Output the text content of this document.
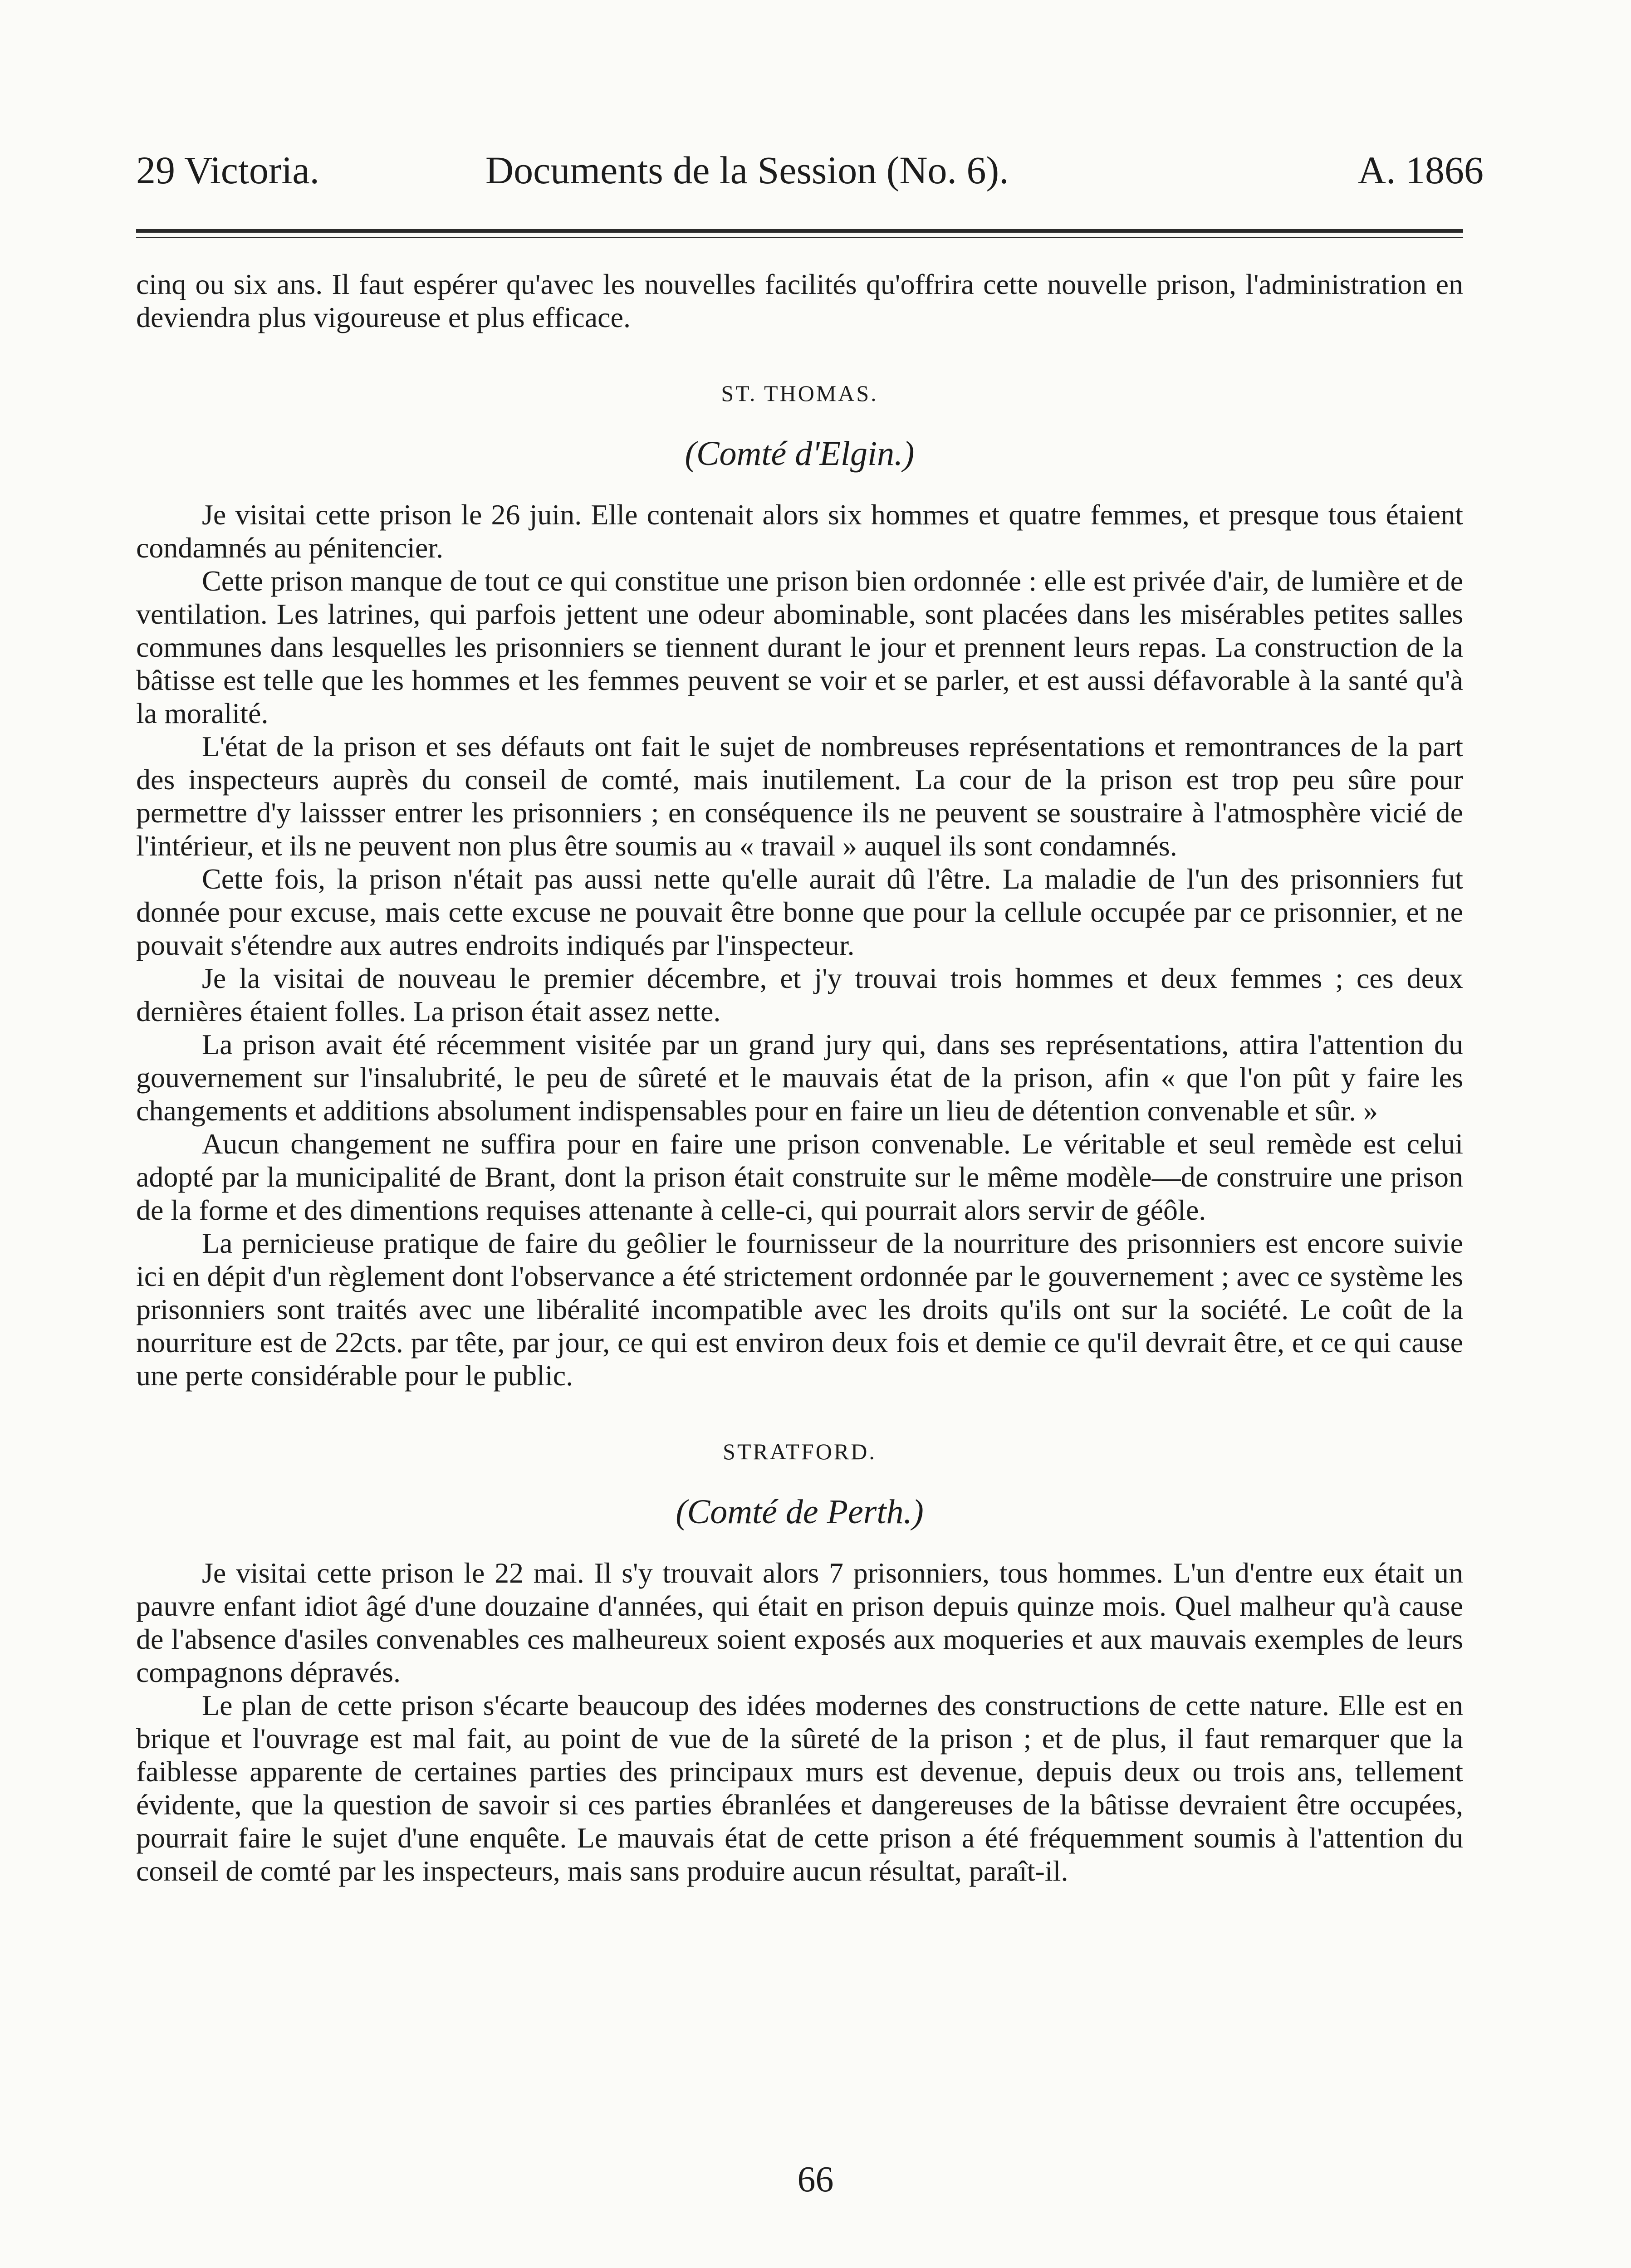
29 Victoria.	Documents de la Session (No. 6).	A. 1866

cinq ou six ans. Il faut espérer qu'avec les nouvelles facilités qu'offrira cette nouvelle prison, l'administration en deviendra plus vigoureuse et plus efficace.

ST. THOMAS.
(Comté d'Elgin.)

Je visitai cette prison le 26 juin. Elle contenait alors six hommes et quatre femmes, et presque tous étaient condamnés au pénitencier.

Cette prison manque de tout ce qui constitue une prison bien ordonnée : elle est privée d'air, de lumière et de ventilation. Les latrines, qui parfois jettent une odeur abominable, sont placées dans les misérables petites salles communes dans lesquelles les prisonniers se tiennent durant le jour et prennent leurs repas. La construction de la bâtisse est telle que les hommes et les femmes peuvent se voir et se parler, et est aussi défavorable à la santé qu'à la moralité.

L'état de la prison et ses défauts ont fait le sujet de nombreuses représentations et remontrances de la part des inspecteurs auprès du conseil de comté, mais inutilement. La cour de la prison est trop peu sûre pour permettre d'y laissser entrer les prisonniers ; en conséquence ils ne peuvent se soustraire à l'atmosphère vicié de l'intérieur, et ils ne peuvent non plus être soumis au « travail » auquel ils sont condamnés.

Cette fois, la prison n'était pas aussi nette qu'elle aurait dû l'être. La maladie de l'un des prisonniers fut donnée pour excuse, mais cette excuse ne pouvait être bonne que pour la cellule occupée par ce prisonnier, et ne pouvait s'étendre aux autres endroits indiqués par l'inspecteur.

Je la visitai de nouveau le premier décembre, et j'y trouvai trois hommes et deux femmes ; ces deux dernières étaient folles. La prison était assez nette.

La prison avait été récemment visitée par un grand jury qui, dans ses représentations, attira l'attention du gouvernement sur l'insalubrité, le peu de sûreté et le mauvais état de la prison, afin « que l'on pût y faire les changements et additions absolument indispensables pour en faire un lieu de détention convenable et sûr. »

Aucun changement ne suffira pour en faire une prison convenable. Le véritable et seul remède est celui adopté par la municipalité de Brant, dont la prison était construite sur le même modèle—de construire une prison de la forme et des dimentions requises attenante à celle-ci, qui pourrait alors servir de géôle.

La pernicieuse pratique de faire du geôlier le fournisseur de la nourriture des prisonniers est encore suivie ici en dépit d'un règlement dont l'observance a été strictement ordonnée par le gouvernement ; avec ce système les prisonniers sont traités avec une libéralité incompatible avec les droits qu'ils ont sur la société. Le coût de la nourriture est de 22cts. par tête, par jour, ce qui est environ deux fois et demie ce qu'il devrait être, et ce qui cause une perte considérable pour le public.

STRATFORD.
(Comté de Perth.)

Je visitai cette prison le 22 mai. Il s'y trouvait alors 7 prisonniers, tous hommes. L'un d'entre eux était un pauvre enfant idiot âgé d'une douzaine d'années, qui était en prison depuis quinze mois. Quel malheur qu'à cause de l'absence d'asiles convenables ces malheureux soient exposés aux moqueries et aux mauvais exemples de leurs compagnons dépravés.

Le plan de cette prison s'écarte beaucoup des idées modernes des constructions de cette nature. Elle est en brique et l'ouvrage est mal fait, au point de vue de la sûreté de la prison ; et de plus, il faut remarquer que la faiblesse apparente de certaines parties des principaux murs est devenue, depuis deux ou trois ans, tellement évidente, que la question de savoir si ces parties ébranlées et dangereuses de la bâtisse devraient être occupées, pourrait faire le sujet d'une enquête. Le mauvais état de cette prison a été fréquemment soumis à l'attention du conseil de comté par les inspecteurs, mais sans produire aucun résultat, paraît-il.

66
